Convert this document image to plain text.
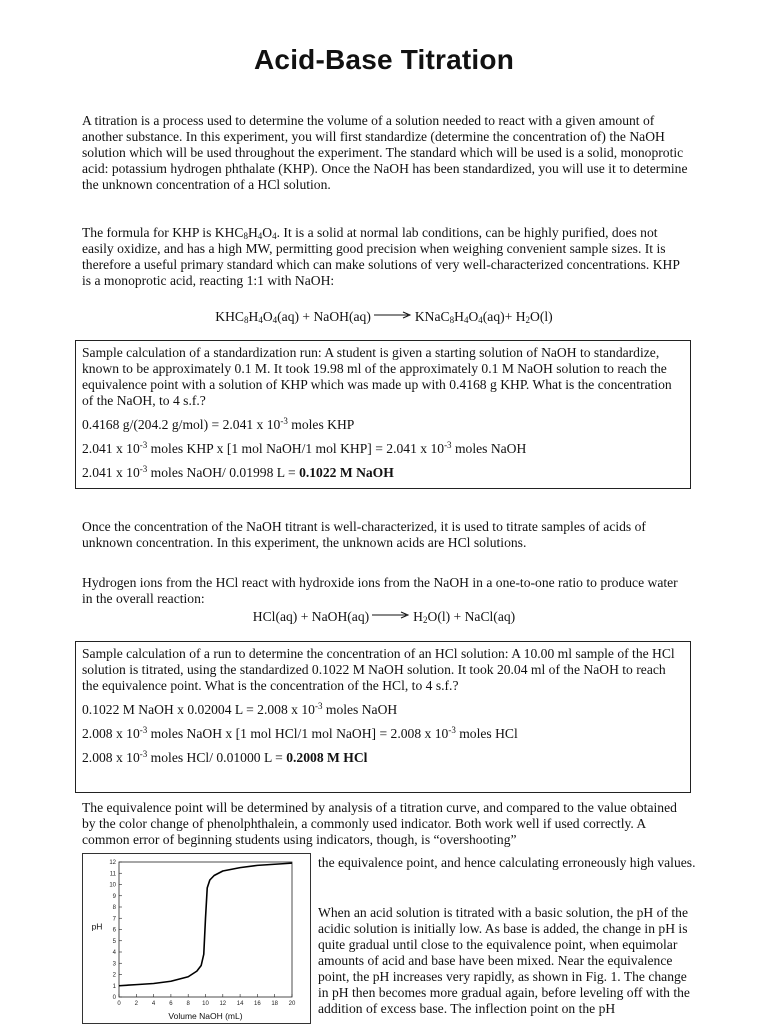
Acid-Base Titration

A titration is a process used to determine the volume of a solution needed to react with a given amount of another substance. In this experiment, you will first standardize (determine the concentration of) the NaOH solution which will be used throughout the experiment. The standard which will be used is a solid, monoprotic acid: potassium hydrogen phthalate (KHP). Once the NaOH has been standardized, you will use it to determine the unknown concentration of a HCl solution.

The formula for KHP is $KHC_8H_4O_4$. It is a solid at normal lab conditions, can be highly purified, does not easily oxidize, and has a high MW, permitting good precision when weighing convenient sample sizes. It is therefore a useful primary standard which can make solutions of very well-characterized concentrations. KHP is a monoprotic acid, reacting 1:1 with NaOH:

$KHC_8H_4O_4(aq)$ + NaOH(aq) → $KNaC_8H_4O_4(aq)+ H_2O(l)$

Sample calculation of a standardization run: A student is given a starting solution of NaOH to standardize, known to be approximately 0.1 M. It took 19.98 ml of the approximately 0.1 M NaOH solution to reach the equivalence point with a solution of KHP which was made up with 0.4168 g KHP. What is the concentration of the NaOH, to 4 s.f.?

0.4168 g/(204.2 g/mol) = 2.041 x $10^{-3}$ moles KHP

2.041 x $10^{-3}$ moles KHP x [1 mol NaOH/1 mol KHP] = 2.041 x $10^{-3}$ moles NaOH

2.041 x $10^{-3}$ moles NaOH/ 0.01998 L = 0.1022 M NaOH

Once the concentration of the NaOH titrant is well-characterized, it is used to titrate samples of acids of unknown concentration. In this experiment, the unknown acids are HCl solutions.

Hydrogen ions from the HCl react with hydroxide ions from the NaOH in a one-to-one ratio to produce water in the overall reaction:

HCl(aq) + NaOH(aq) → $H_2O(l)$ + NaCl(aq)

Sample calculation of a run to determine the concentration of an HCl solution: A 10.00 ml sample of the HCl solution is titrated, using the standardized 0.1022 M NaOH solution. It took 20.04 ml of the NaOH to reach the equivalence point. What is the concentration of the HCl, to 4 s.f.?

0.1022 M NaOH x 0.02004 L = 2.008 x $10^{-3}$ moles NaOH

2.008 x $10^{-3}$ moles NaOH x [1 mol HCl/1 mol NaOH] = 2.008 x $10^{-3}$ moles HCl

2.008 x $10^{-3}$ moles HCl/ 0.01000 L = 0.2008 M HCl

The equivalence point will be determined by analysis of a titration curve, and compared to the value obtained by the color change of phenolphthalein, a commonly used indicator. Both work well if used correctly. A common error of beginning students using indicators, though, is “overshooting”

0 2 4 6 8 10 12 14 16 18 20
0
1
2
3
4
5
6
7
8
9
10
11
12
Volume NaOH (mL)
pH

the equivalence point, and hence calculating erroneously high values.

When an acid solution is titrated with a basic solution, the pH of the acidic solution is initially low. As base is added, the change in pH is quite gradual until close to the equivalence point, when equimolar amounts of acid and base have been mixed. Near the equivalence point, the pH increases very rapidly, as shown in Fig. 1. The change in pH then becomes more gradual again, before leveling off with the addition of excess base. The inflection point on the pH
